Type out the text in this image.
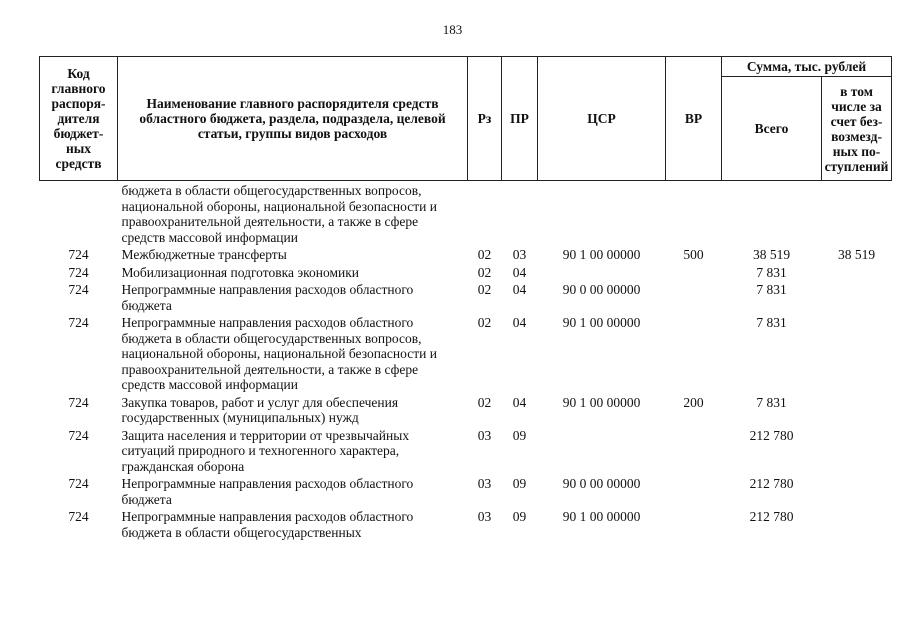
183
Код главного распоря-дителя бюджет-ных средств	Наименование главного распорядителя средств областного бюджета, раздела, подраздела, целевой статьи, группы видов расходов	Рз	ПР	ЦСР	ВР	Сумма, тыс. рублей	
						Всего	в том числе за счет без-возмезд-ных по-ступлений
	бюджета в области общегосударственных вопросов, национальной обороны, национальной безопасности и правоохранительной деятельности, а также в сфере средств массовой информации						
724	Межбюджетные трансферты	02	03	90 1 00 00000	500	38 519	38 519
724	Мобилизационная подготовка экономики	02	04			7 831	
724	Непрограммные направления расходов областного бюджета	02	04	90 0 00 00000		7 831	
724	Непрограммные направления расходов областного бюджета в области общегосударственных вопросов, национальной обороны, национальной безопасности и правоохранительной деятельности, а также в сфере средств массовой информации	02	04	90 1 00 00000		7 831	
724	Закупка товаров, работ и услуг для обеспечения государственных (муниципальных) нужд	02	04	90 1 00 00000	200	7 831	
724	Защита населения и территории от чрезвычайных ситуаций природного и техногенного характера, гражданская оборона	03	09			212 780	
724	Непрограммные направления расходов областного бюджета	03	09	90 0 00 00000		212 780	
724	Непрограммные направления расходов областного бюджета в области общегосударственных	03	09	90 1 00 00000		212 780	
